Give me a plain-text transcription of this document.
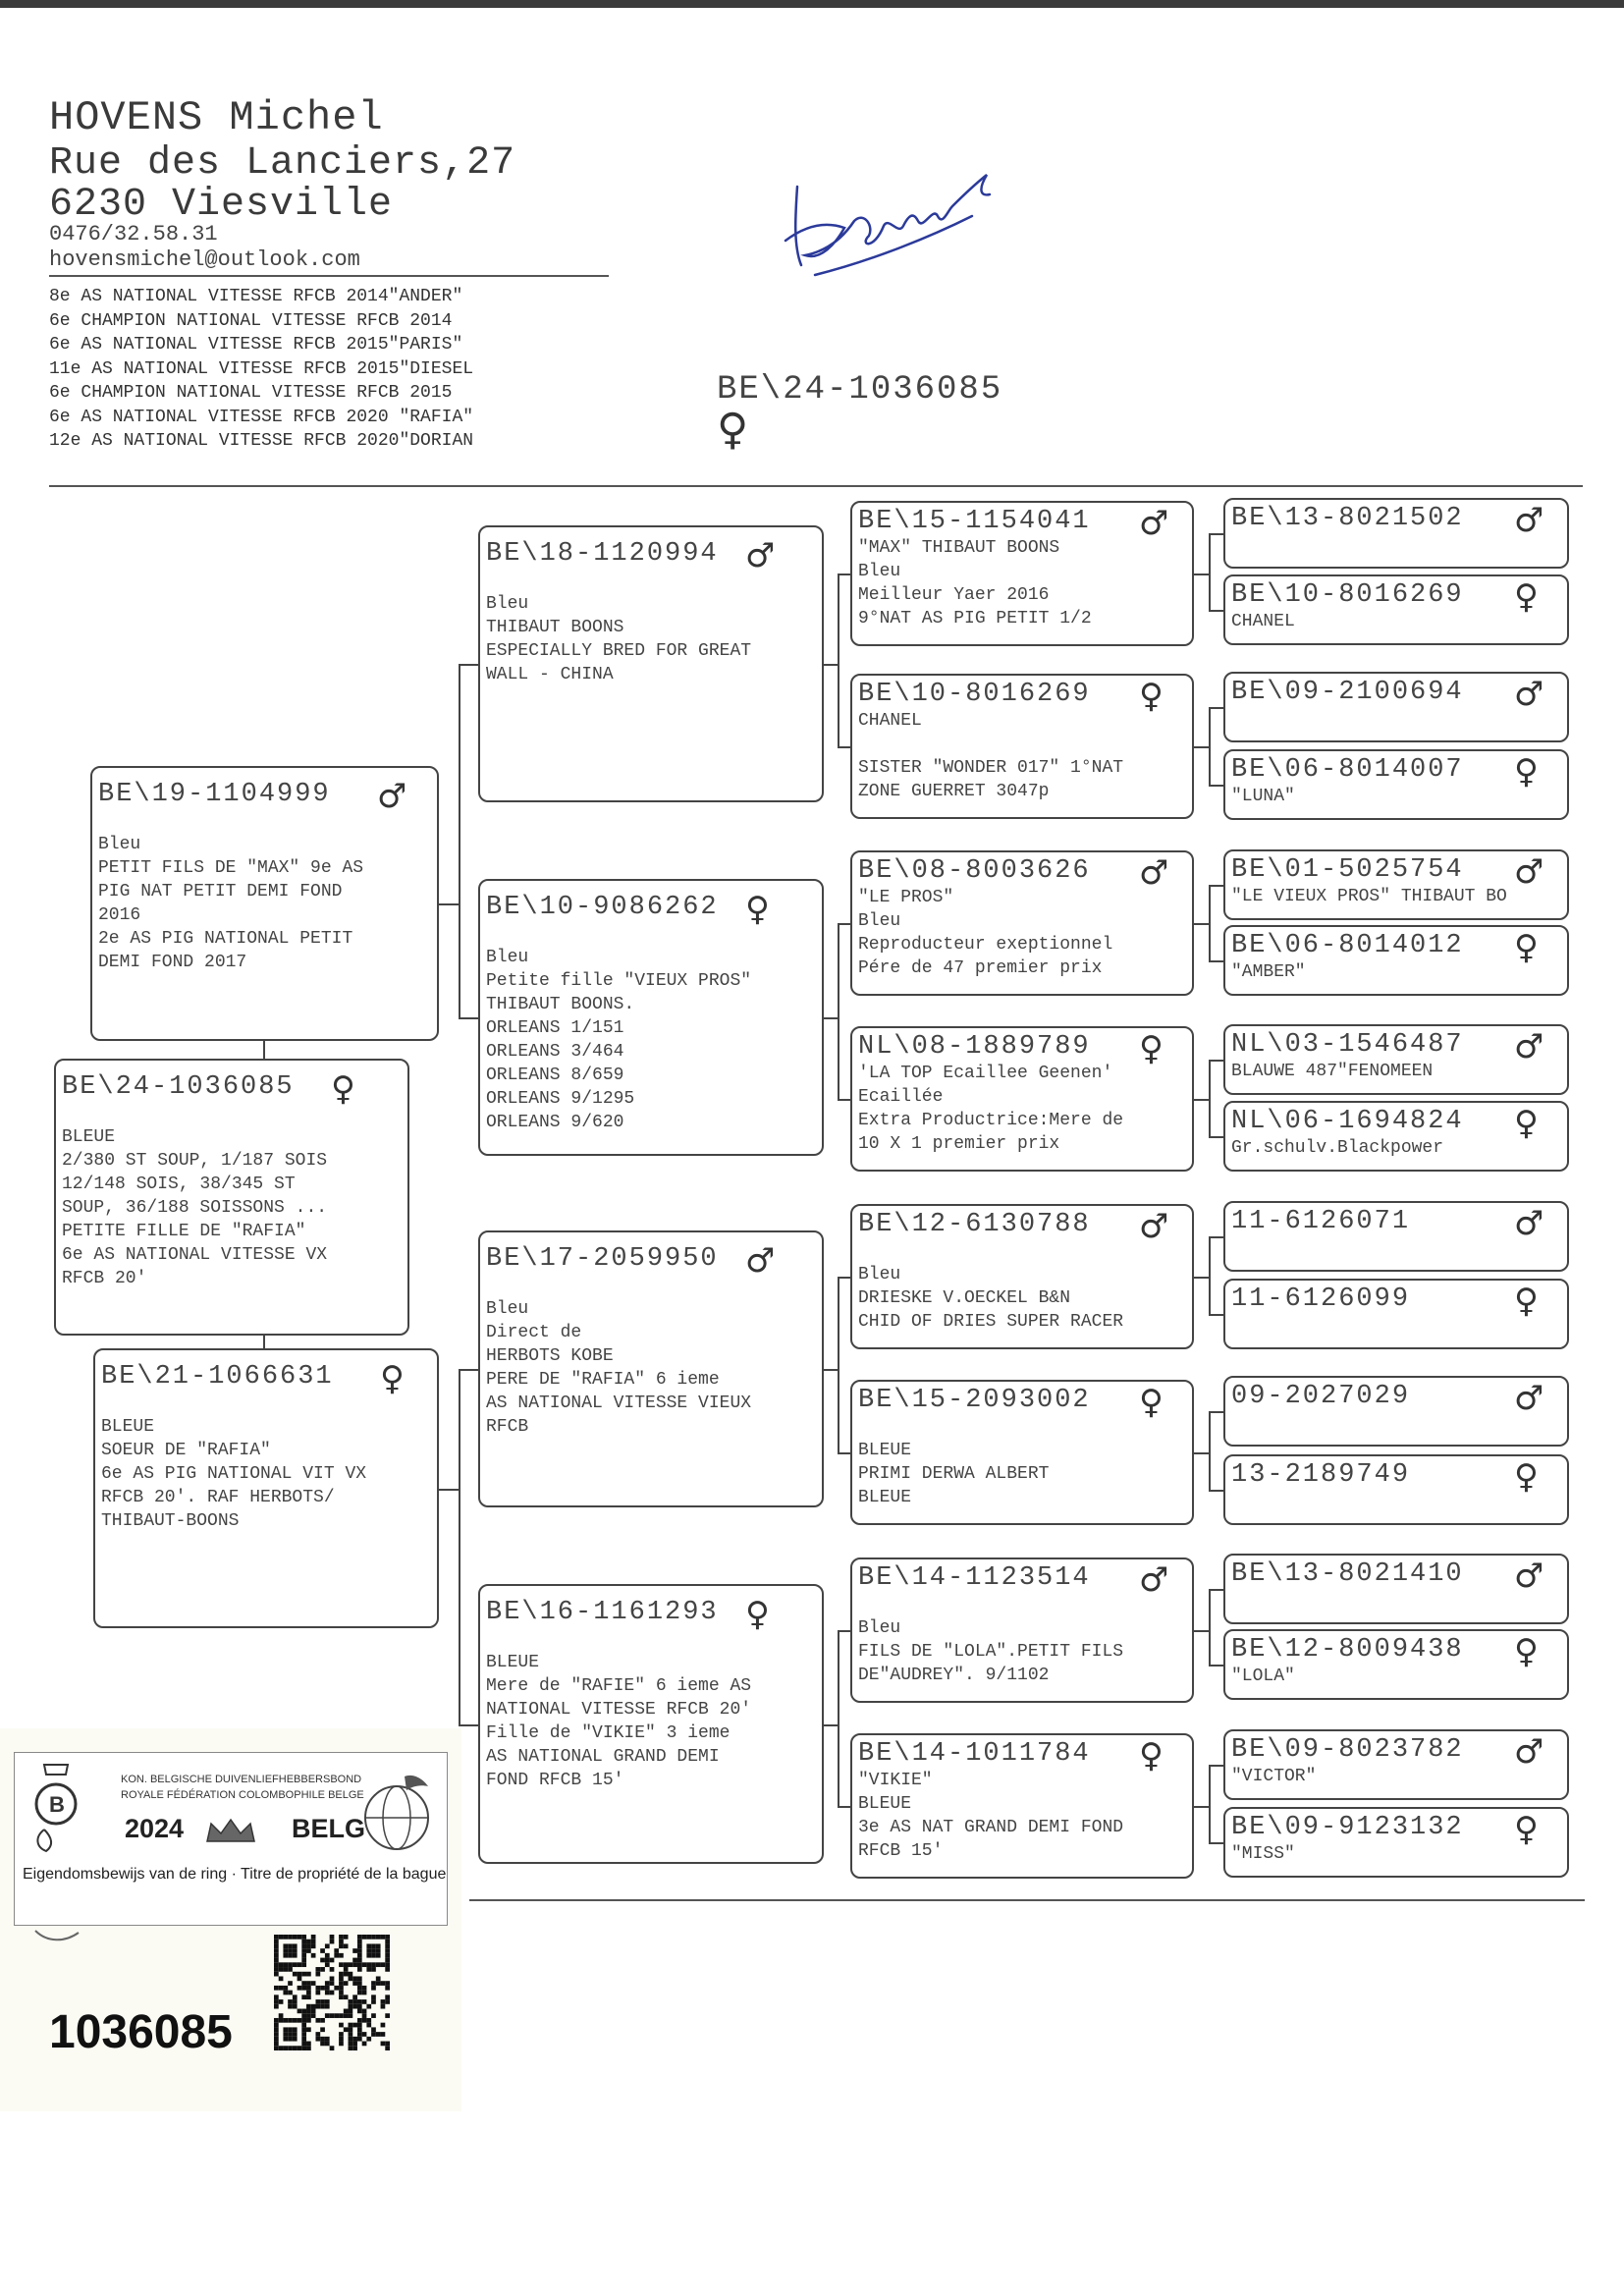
HOVENS Michel
Rue des Lanciers,27
6230 Viesville
0476/32.58.31
hovensmichel@outlook.com
8e AS NATIONAL VITESSE RFCB 2014"ANDER"
6e CHAMPION NATIONAL VITESSE RFCB 2014
6e AS NATIONAL VITESSE RFCB 2015"PARIS"
11e AS NATIONAL VITESSE RFCB 2015"DIESEL
6e CHAMPION NATIONAL VITESSE RFCB 2015
6e AS NATIONAL VITESSE RFCB 2020 "RAFIA"
12e AS NATIONAL VITESSE RFCB 2020"DORIAN
BE\24-1036085
♀
BE\24-1036085	♀
BLEUE
2/380 ST SOUP, 1/187 SOIS
12/148 SOIS, 38/345 ST
SOUP, 36/188 SOISSONS ...
PETITE FILLE DE "RAFIA"
6e AS NATIONAL VITESSE VX
RFCB 20'
BE\19-1104999	♂
Bleu
PETIT FILS DE "MAX" 9e AS
PIG NAT PETIT DEMI FOND
2016
2e AS PIG NATIONAL PETIT
DEMI FOND 2017
BE\21-1066631	♀
BLEUE
SOEUR DE "RAFIA"
6e AS PIG NATIONAL VIT VX
RFCB 20'. RAF HERBOTS/
THIBAUT-BOONS
BE\18-1120994 ♂
Bleu
THIBAUT BOONS
ESPECIALLY BRED FOR GREAT
WALL - CHINA
BE\10-9086262 ♀
Bleu
Petite fille "VIEUX PROS"
THIBAUT BOONS.
ORLEANS 1/151
ORLEANS 3/464
ORLEANS 8/659
ORLEANS 9/1295
ORLEANS 9/620
BE\17-2059950 ♂
Bleu
Direct de
HERBOTS KOBE
PERE DE "RAFIA" 6 ieme
AS NATIONAL VITESSE VIEUX
RFCB
BE\16-1161293 ♀
BLEUE
Mere de "RAFIE" 6 ieme AS
NATIONAL VITESSE RFCB 20'
Fille de "VIKIE" 3 ieme
AS NATIONAL GRAND DEMI
FOND RFCB 15'
BE\15-1154041	♂
"MAX" THIBAUT BOONS
Bleu
Meilleur Yaer 2016
9°NAT AS PIG PETIT 1/2
BE\10-8016269	♀
CHANEL

SISTER "WONDER 017" 1°NAT
ZONE GUERRET 3047p
BE\08-8003626	♂
"LE PROS"
Bleu
Reproducteur exeptionnel
Pére de 47 premier prix
NL\08-1889789	♀
'LA TOP Ecaillee Geenen'
Ecaillée
Extra Productrice:Mere de
10 X 1 premier prix
BE\12-6130788	♂

Bleu
DRIESKE V.OECKEL B&N
CHID OF DRIES SUPER RACER
BE\15-2093002	♀

BLEUE
PRIMI DERWA ALBERT
BLEUE
BE\14-1123514	♂

Bleu
FILS DE "LOLA".PETIT FILS
DE"AUDREY". 9/1102
BE\14-1011784	♀
"VIKIE"
BLEUE
3e AS NAT GRAND DEMI FOND
RFCB 15'
BE\13-8021502	♂

BE\10-8016269	♀
CHANEL
BE\09-2100694	♂

BE\06-8014007	♀
"LUNA"
BE\01-5025754	♂
"LE VIEUX PROS" THIBAUT BO
BE\06-8014012	♀
"AMBER"
NL\03-1546487	♂
BLAUWE 487"FENOMEEN
NL\06-1694824	♀
Gr.schulv.Blackpower
11-6126071	♂

11-6126099	♀

09-2027029	♂

13-2189749	♀

BE\13-8021410	♂

BE\12-8009438	♀
"LOLA"
BE\09-8023782	♂
"VICTOR"
BE\09-9123132	♀
"MISS"
B
KON. BELGISCHE DUIVENLIEFHEBBERSBOND
ROYALE FÉDÉRATION COLOMBOPHILE BELGE
2024	BELG
Eigendomsbewijs van de ring · Titre de propriété de la bague
1036085
